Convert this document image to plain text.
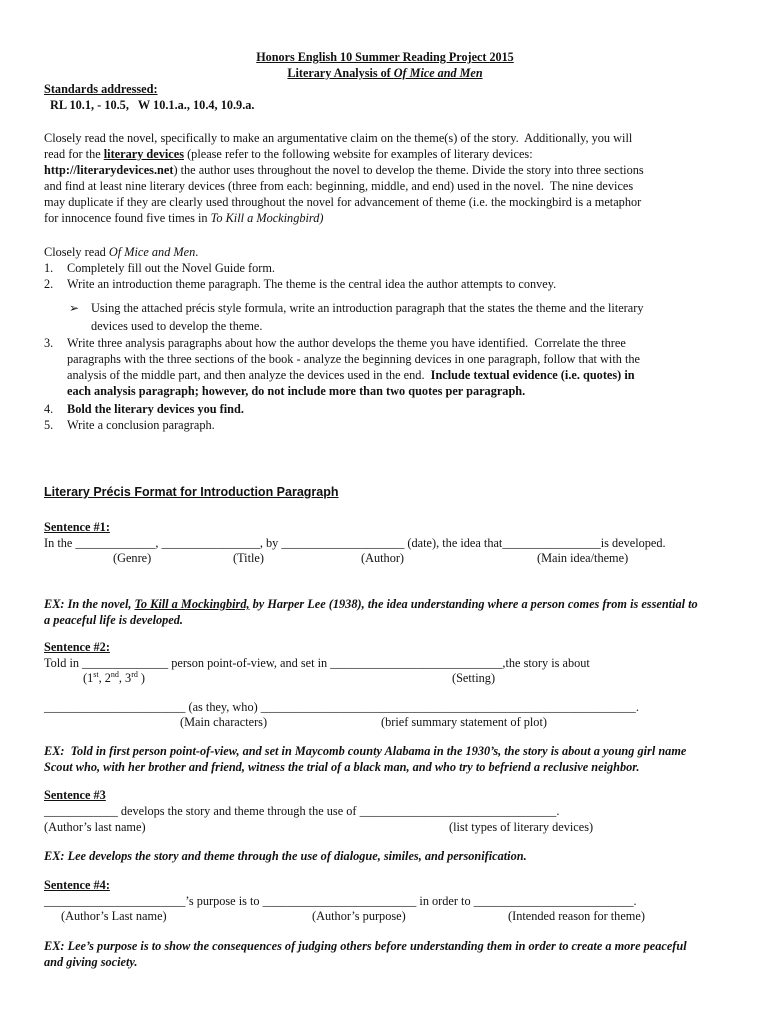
Honors English 10 Summer Reading Project 2015
Literary Analysis of Of Mice and Men
Standards addressed:
RL 10.1, - 10.5,   W 10.1.a., 10.4, 10.9.a.
Closely read the novel, specifically to make an argumentative claim on the theme(s) of the story.  Additionally, you will
read for the literary devices (please refer to the following website for examples of literary devices:
http://literarydevices.net) the author uses throughout the novel to develop the theme. Divide the story into three sections
and find at least nine literary devices (three from each: beginning, middle, and end) used in the novel.  The nine devices
may duplicate if they are clearly used throughout the novel for advancement of theme (i.e. the mockingbird is a metaphor
for innocence found five times in To Kill a Mockingbird)
Closely read Of Mice and Men.
1. Completely fill out the Novel Guide form.
2. Write an introduction theme paragraph. The theme is the central idea the author attempts to convey.
➢ Using the attached précis style formula, write an introduction paragraph that the states the theme and the literary
devices used to develop the theme.
3. Write three analysis paragraphs about how the author develops the theme you have identified.  Correlate the three
paragraphs with the three sections of the book - analyze the beginning devices in one paragraph, follow that with the
analysis of the middle part, and then analyze the devices used in the end.  Include textual evidence (i.e. quotes) in
each analysis paragraph; however, do not include more than two quotes per paragraph.
4. Bold the literary devices you find.
5. Write a conclusion paragraph.
Literary Précis Format for Introduction Paragraph
Sentence #1:
In the _____________, ________________, by ____________________ (date), the idea that________________is developed.
(Genre)	(Title)	(Author)	(Main idea/theme)
EX: In the novel, To Kill a Mockingbird, by Harper Lee (1938), the idea understanding where a person comes from is essential to
a peaceful life is developed.
Sentence #2:
Told in ______________ person point-of-view, and set in ____________________________,the story is about
(1st, 2nd, 3rd )	(Setting)
_______________________ (as they, who) _____________________________________________________________.
(Main characters)	(brief summary statement of plot)
EX:  Told in first person point-of-view, and set in Maycomb county Alabama in the 1930’s, the story is about a young girl name
Scout who, with her brother and friend, witness the trial of a black man, and who try to befriend a reclusive neighbor.
Sentence #3
____________ develops the story and theme through the use of ________________________________.
(Author’s last name)	(list types of literary devices)
EX: Lee develops the story and theme through the use of dialogue, similes, and personification.
Sentence #4:
_______________________’s purpose is to _________________________ in order to __________________________.
(Author’s Last name)	(Author’s purpose)	(Intended reason for theme)
EX: Lee’s purpose is to show the consequences of judging others before understanding them in order to create a more peaceful
and giving society.
